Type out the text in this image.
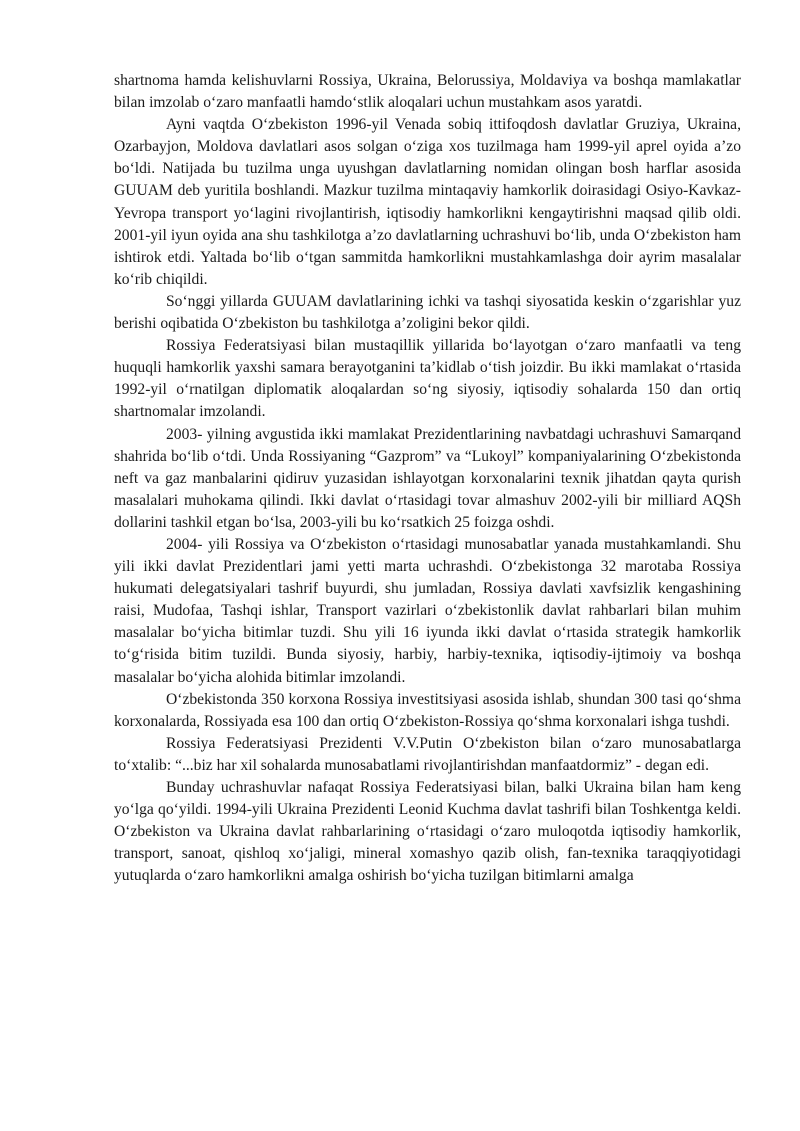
shartnoma hamda kelishuvlarni Rossiya, Ukraina, Belorussiya, Moldaviya va boshqa mamlakatlar bilan imzolab o‘zaro manfaatli hamdo‘stlik aloqalari uchun mustahkam asos yaratdi.

Ayni vaqtda O‘zbekiston 1996-yil Venada sobiq ittifoqdosh davlatlar Gruziya, Ukraina, Ozarbayjon, Moldova davlatlari asos solgan o‘ziga xos tuzilmaga ham 1999-yil aprel oyida a’zo bo‘ldi. Natijada bu tuzilma unga uyushgan davlatlarning nomidan olingan bosh harflar asosida GUUAM deb yuritila boshlandi. Mazkur tuzilma mintaqaviy hamkorlik doirasidagi Osiyo-Kavkaz-Yevropa transport yo‘lagini rivojlantirish, iqtisodiy hamkorlikni kengaytirishni maqsad qilib oldi. 2001-yil iyun oyida ana shu tashkilotga a’zo davlatlarning uchrashuvi bo‘lib, unda O‘zbekiston ham ishtirok etdi. Yaltada bo‘lib o‘tgan sammitda hamkorlikni mustahkamlashga doir ayrim masalalar ko‘rib chiqildi.

So‘nggi yillarda GUUAM davlatlarining ichki va tashqi siyosatida keskin o‘zgarishlar yuz berishi oqibatida O‘zbekiston bu tashkilotga a’zoligini bekor qildi.

Rossiya Federatsiyasi bilan mustaqillik yillarida bo‘layotgan o‘zaro manfaatli va teng huquqli hamkorlik yaxshi samara berayotganini ta’kidlab o‘tish joizdir. Bu ikki mamlakat o‘rtasida 1992-yil o‘rnatilgan diplomatik aloqalardan so‘ng siyosiy, iqtisodiy sohalarda 150 dan ortiq shartnomalar imzolandi.

2003- yilning avgustida ikki mamlakat Prezidentlarining navbatdagi uchrashuvi Samarqand shahrida bo‘lib o‘tdi. Unda Rossiyaning “Gazprom” va “Lukoyl” kompaniyalarining O‘zbekistonda neft va gaz manbalarini qidiruv yuzasidan ishlayotgan korxonalarini texnik jihatdan qayta qurish masalalari muhokama qilindi. Ikki davlat o‘rtasidagi tovar almashuv 2002-yili bir milliard AQSh dollarini tashkil etgan bo‘lsa, 2003-yili bu ko‘rsatkich 25 foizga oshdi.

2004- yili Rossiya va O‘zbekiston o‘rtasidagi munosabatlar yanada mustahkamlandi. Shu yili ikki davlat Prezidentlari jami yetti marta uchrashdi. O‘zbekistonga 32 marotaba Rossiya hukumati delegatsiyalari tashrif buyurdi, shu jumladan, Rossiya davlati xavfsizlik kengashining raisi, Mudofaa, Tashqi ishlar, Transport vazirlari o‘zbekistonlik davlat rahbarlari bilan muhim masalalar bo‘yicha bitimlar tuzdi. Shu yili 16 iyunda ikki davlat o‘rtasida strategik hamkorlik to‘g‘risida bitim tuzildi. Bunda siyosiy, harbiy, harbiy-texnika, iqtisodiy-ijtimoiy va boshqa masalalar bo‘yicha alohida bitimlar imzolandi.

O‘zbekistonda 350 korxona Rossiya investitsiyasi asosida ishlab, shundan 300 tasi qo‘shma korxonalarda, Rossiyada esa 100 dan ortiq O‘zbekiston-Rossiya qo‘shma korxonalari ishga tushdi.

Rossiya Federatsiyasi Prezidenti V.V.Putin O‘zbekiston bilan o‘zaro munosabatlarga to‘xtalib: “...biz har xil sohalarda munosabatlami rivojlantirishdan manfaatdormiz” - degan edi.

Bunday uchrashuvlar nafaqat Rossiya Federatsiyasi bilan, balki Ukraina bilan ham keng yo‘lga qo‘yildi. 1994-yili Ukraina Prezidenti Leonid Kuchma davlat tashrifi bilan Toshkentga keldi. O‘zbekiston va Ukraina davlat rahbarlarining o‘rtasidagi o‘zaro muloqotda iqtisodiy hamkorlik, transport, sanoat, qishloq xo‘jaligi, mineral xomashyo qazib olish, fan-texnika taraqqiyotidagi yutuqlarda o‘zaro hamkorlikni amalga oshirish bo‘yicha tuzilgan bitimlarni amalga
